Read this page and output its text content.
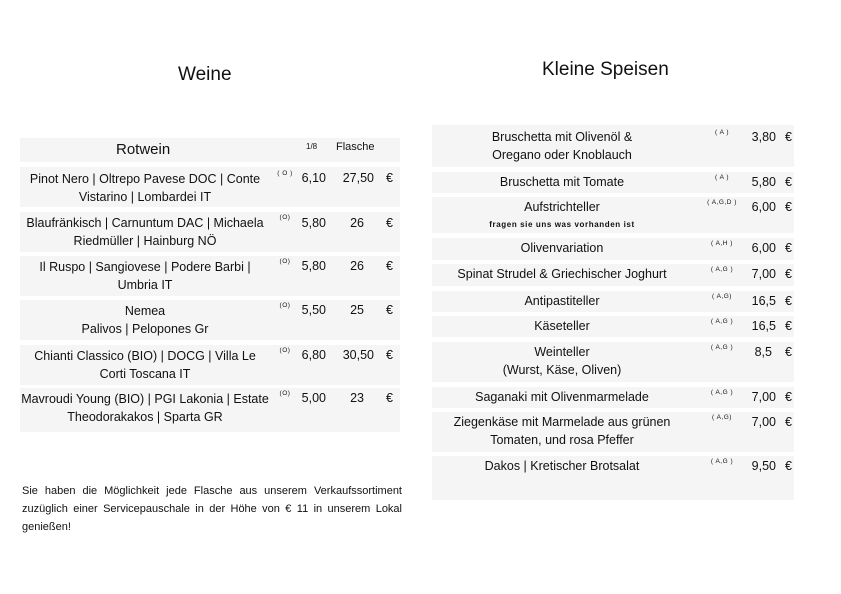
Weine
Rotwein	1/8 Flasche
Pinot Nero | Oltrepo Pavese DOC | Conte Vistarino | Lombardei IT
( O ) 6,10	27,50 €
Blaufränkisch | Carnuntum DAC | Michaela Riedmüller | Hainburg NÖ
(O) 5,80	26 €
Il Ruspo | Sangiovese | Podere Barbi | Umbria IT
(O) 5,80	26 €
Nemea
Palivos | Pelopones Gr
(O) 5,50	25 €
Chianti Classico (BIO) | DOCG | Villa Le Corti Toscana IT
(O) 6,80	30,50 €
Mavroudi Young (BIO) | PGI Lakonia | Estate Theodorakakos | Sparta GR
(O) 5,00	23 €
Sie haben die Möglichkeit jede Flasche aus unserem Verkaufssortiment zuzüglich einer Servicepauschale in der Höhe von € 11 in unserem Lokal genießen!
Kleine Speisen
Bruschetta mit Olivenöl &
Oregano oder Knoblauch
( A )	3,80 €
Bruschetta mit Tomate	( A )	5,80 €
Aufstrichteller
fragen sie uns was vorhanden ist
( A,G,D )	6,00 €
Olivenvariation	( A,H )	6,00 €
Spinat Strudel & Griechischer Joghurt	( A,G )	7,00 €
Antipastiteller	( A,G)	16,5 €
Käseteller	( A,G )	16,5 €
Weinteller
(Wurst, Käse, Oliven)
( A,G )	8,5 €
Saganaki mit Olivenmarmelade	( A,G )	7,00 €
Ziegenkäse mit Marmelade aus grünen
Tomaten, und rosa Pfeffer
( A,G)	7,00 €
Dakos | Kretischer Brotsalat	( A,G )	9,50 €
